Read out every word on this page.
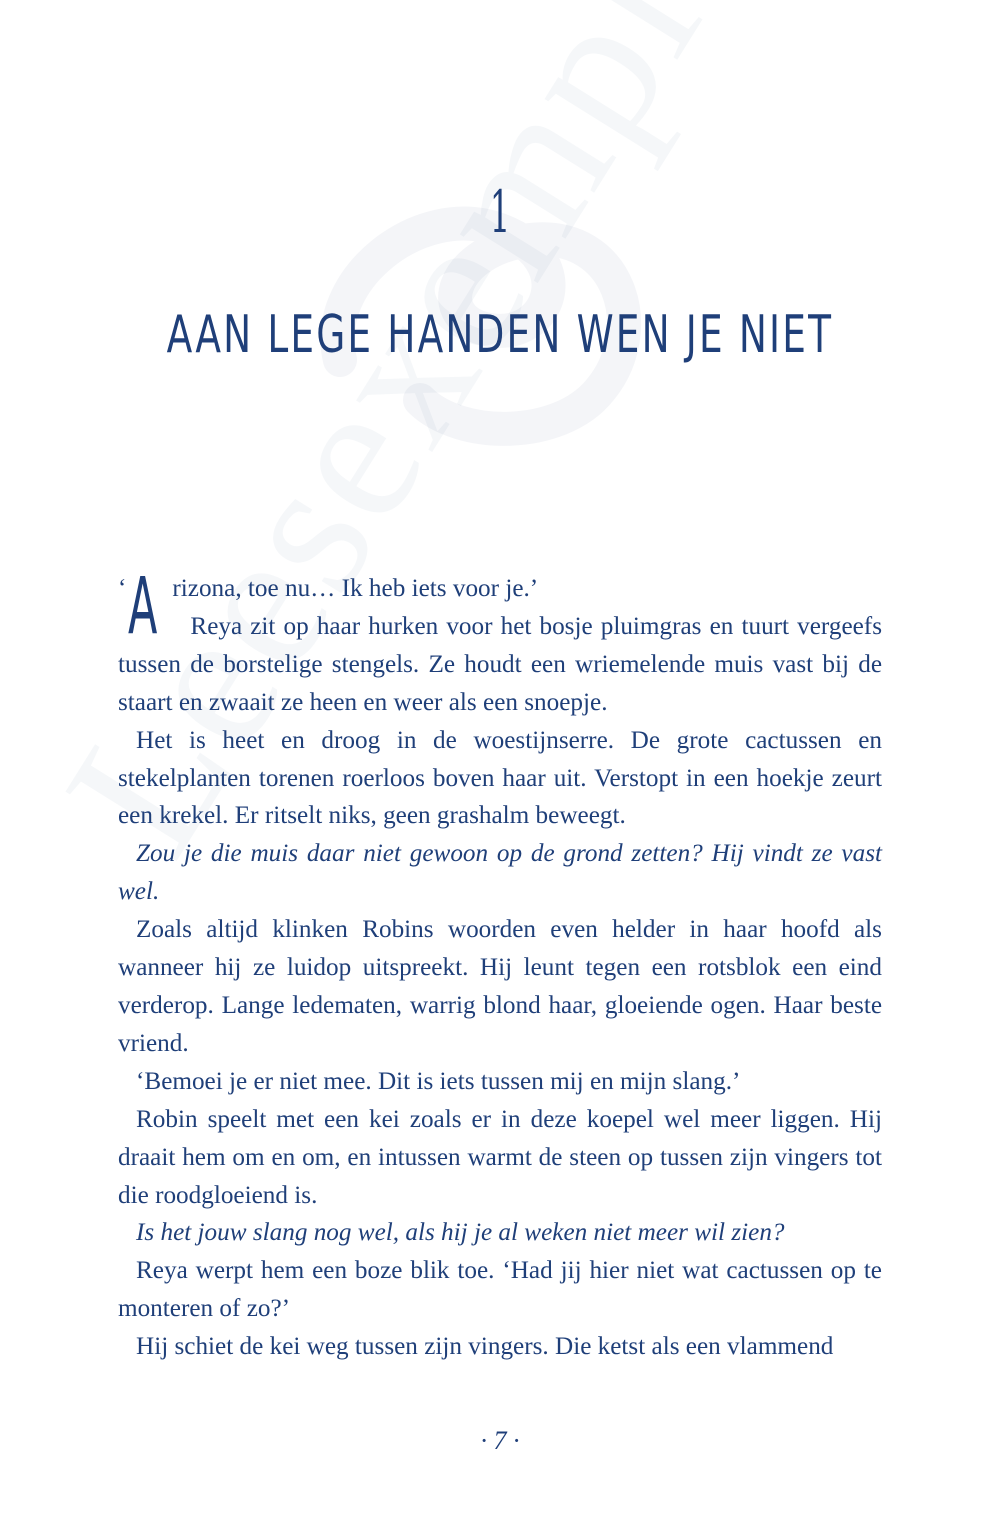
1
AAN LEGE HANDEN WEN JE NIET

‘ A rizona, toe nu… Ik heb iets voor je.’

Reya zit op haar hurken voor het bosje pluimgras en tuurt vergeefs tussen de borstelige stengels. Ze houdt een wriemelende muis vast bij de staart en zwaait ze heen en weer als een snoepje.

Het is heet en droog in de woestijnserre. De grote cactussen en stekelplanten torenen roerloos boven haar uit. Verstopt in een hoekje zeurt een krekel. Er ritselt niks, geen grashalm beweegt.

Zou je die muis daar niet gewoon op de grond zetten? Hij vindt ze vast wel.

Zoals altijd klinken Robins woorden even helder in haar hoofd als wanneer hij ze luidop uitspreekt. Hij leunt tegen een rotsblok een eind verderop. Lange ledematen, warrig blond haar, gloeiende ogen. Haar beste vriend.

‘Bemoei je er niet mee. Dit is iets tussen mij en mijn slang.’

Robin speelt met een kei zoals er in deze koepel wel meer liggen. Hij draait hem om en om, en intussen warmt de steen op tussen zijn vingers tot die roodgloeiend is.

Is het jouw slang nog wel, als hij je al weken niet meer wil zien?

Reya werpt hem een boze blik toe. ‘Had jij hier niet wat cactussen op te monteren of zo?’

Hij schiet de kei weg tussen zijn vingers. Die ketst als een vlammend

· 7 ·
